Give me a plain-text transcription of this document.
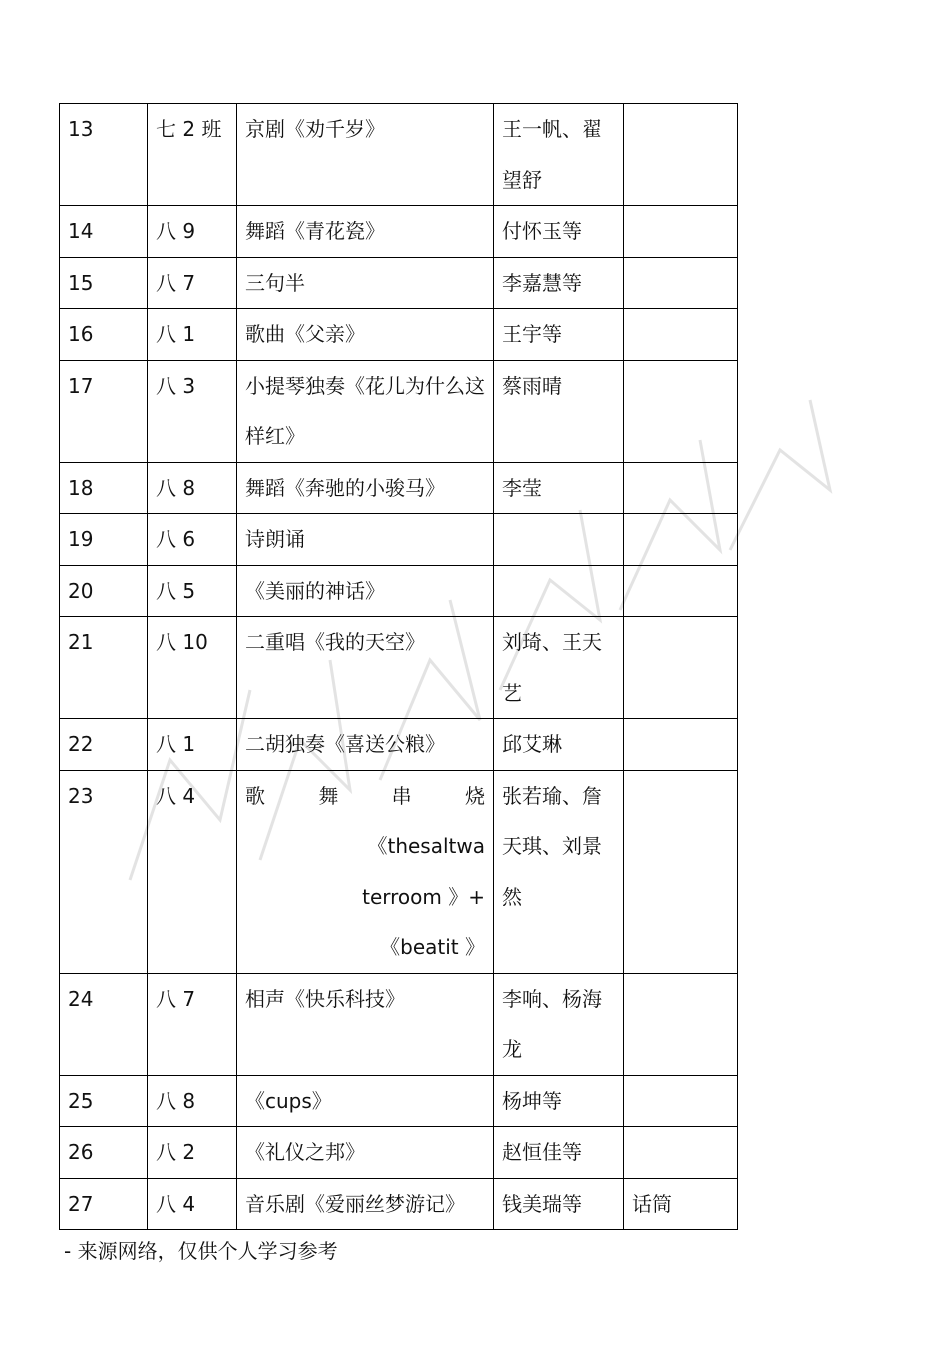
13	七 2 班	京剧《劝千岁》	王一帆、翟望舒	
14	八 9	舞蹈《青花瓷》	付怀玉等	
15	八 7	三句半	李嘉慧等	
16	八 1	歌曲《父亲》	王宇等	
17	八 3	小提琴独奏《花儿为什么这样红》	蔡雨晴	
18	八 8	舞蹈《奔驰的小骏马》	李莹	
19	八 6	诗朗诵		
20	八 5	《美丽的神话》		
21	八 10	二重唱《我的天空》	刘琦、王天艺	
22	八 1	二胡独奏《喜送公粮》	邱艾琳	
23	八 4	歌舞串烧
《thesaltwa
terroom 》+
《beatit 》	张若瑜、詹天琪、刘景然	
24	八 7	相声《快乐科技》	李响、杨海龙	
25	八 8	《cups》	杨坤等	
26	八 2	《礼仪之邦》	赵恒佳等	
27	八 4	音乐剧《爱丽丝梦游记》	钱美瑞等	话筒
- 来源网络，仅供个人学习参考
